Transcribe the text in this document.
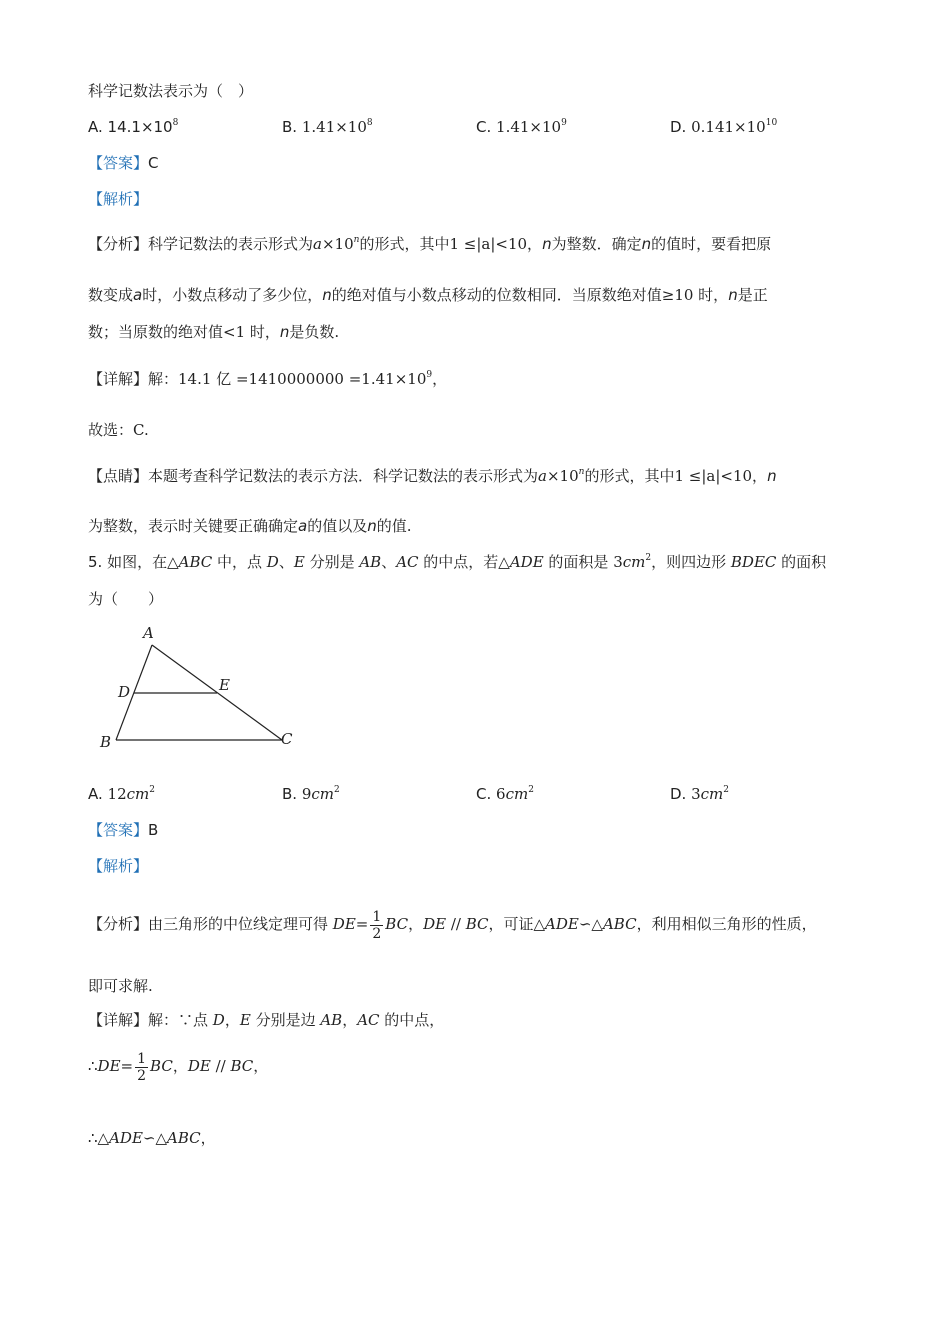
科学记数法表示为（　）
A. $14.1\times 10^8$	B. $1.41\times 10^8$	C. $1.41\times 10^9$	D. $0.141\times 10^{10}$
【答案】C
【解析】
【分析】科学记数法的表示形式为$a\times 10^n$的形式，其中1 ≤|a|<10，n为整数．确定n的值时，要看把原
数变成a时，小数点移动了多少位，n的绝对值与小数点移动的位数相同．当原数绝对值≥10 时，n是正
数；当原数的绝对值<1 时，n是负数.
【详解】解：14.1 亿 $=1410000000 =1.41\times 10^9$，
故选：C.
【点睛】本题考查科学记数法的表示方法．科学记数法的表示形式为$a\times 10^n$的形式，其中1 ≤|a|<10，n
为整数，表示时关键要正确确定a的值以及n的值.
5. 如图，在△ABC 中，点 D、E 分别是 AB、AC 的中点，若△ADE 的面积是 $3cm^2$，则四边形 BDEC 的面积
为（　　）
A
D	E
B	C
A. $12cm^2$	B. $9cm^2$	C. $6cm^2$	D. $3cm^2$
【答案】B
【解析】
【分析】由三角形的中位线定理可得 $DE= \frac{1}{2}$ BC，DE // BC，可证△ADE∽△ABC，利用相似三角形的性质，
即可求解.
【详解】解：∵点 D，E 分别是边 AB，AC 的中点，
∴DE= $\frac{1}{2}$ BC，DE // BC，
∴△ADE∽△ABC，
